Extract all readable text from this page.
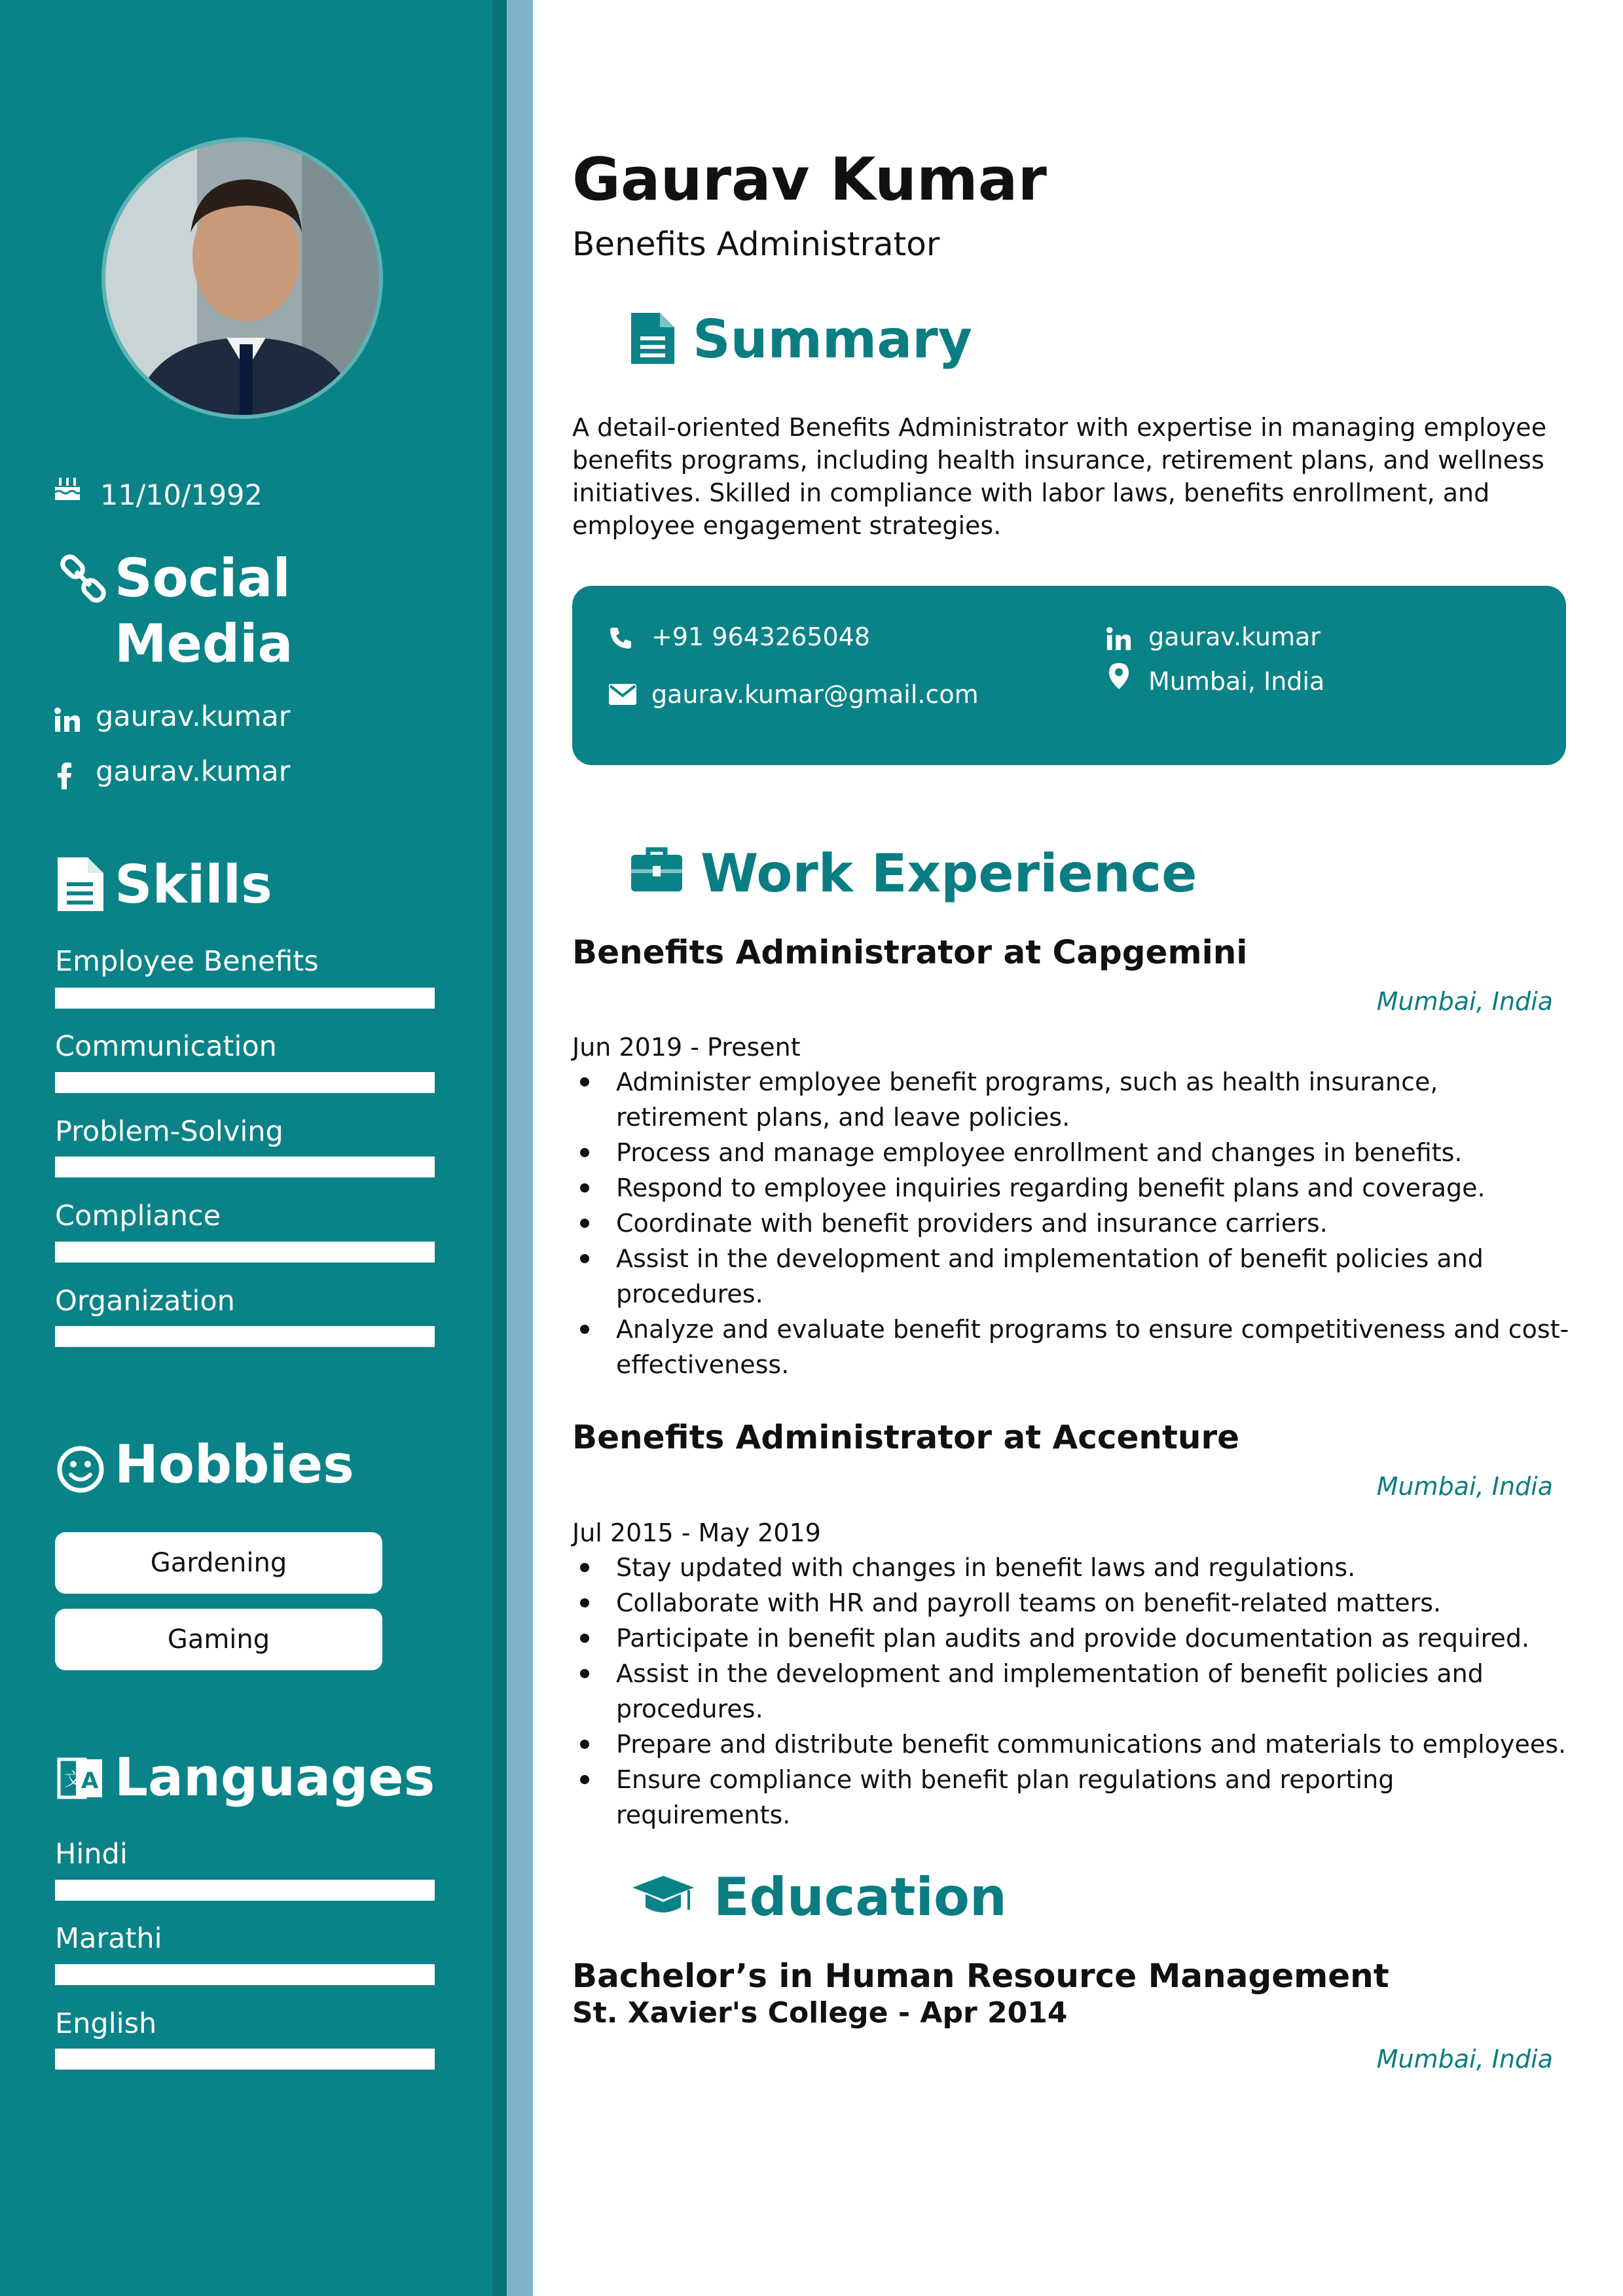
11/10/1992
Social
Media
gaurav.kumar
gaurav.kumar
Skills
Employee Benefits
Communication
Problem-Solving
Compliance
Organization
Hobbies
Gardening
Gaming
文
A Languages
Hindi
Marathi
English
Gaurav Kumar
Benefits Administrator
Summary
A detail-oriented Benefits Administrator with expertise in managing employee
benefits programs, including health insurance, retirement plans, and wellness
initiatives. Skilled in compliance with labor laws, benefits enrollment, and
employee engagement strategies.
+91 9643265048
gaurav.kumar@gmail.com
gaurav.kumar
Mumbai, India
Work Experience
Benefits Administrator at Capgemini
Mumbai, India
Jun 2019 - Present
Administer employee benefit programs, such as health insurance, retirement plans, and leave policies.
Process and manage employee enrollment and changes in benefits.
Respond to employee inquiries regarding benefit plans and coverage.
Coordinate with benefit providers and insurance carriers.
Assist in the development and implementation of benefit policies and procedures.
Analyze and evaluate benefit programs to ensure competitiveness and cost-effectiveness.
Benefits Administrator at Accenture
Mumbai, India
Jul 2015 - May 2019
Stay updated with changes in benefit laws and regulations.
Collaborate with HR and payroll teams on benefit-related matters.
Participate in benefit plan audits and provide documentation as required.
Assist in the development and implementation of benefit policies and procedures.
Prepare and distribute benefit communications and materials to employees.
Ensure compliance with benefit plan regulations and reporting requirements.
Education
Bachelor’s in Human Resource Management
St. Xavier's College - Apr 2014
Mumbai, India
